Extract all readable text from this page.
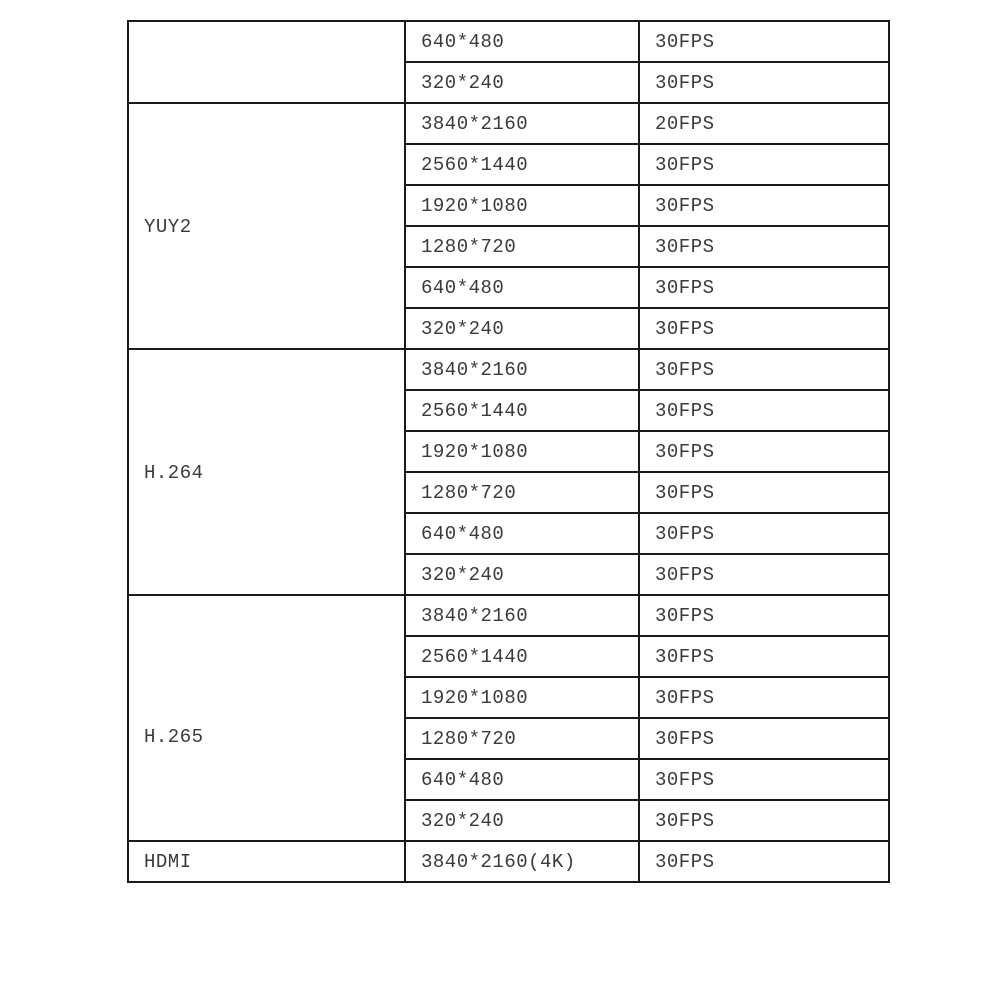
	640*480	30FPS
	320*240	30FPS

YUY2	3840*2160	20FPS
	2560*1440	30FPS
	1920*1080	30FPS
	1280*720	30FPS
	640*480	30FPS
	320*240	30FPS

H.264	3840*2160	30FPS
	2560*1440	30FPS
	1920*1080	30FPS
	1280*720	30FPS
	640*480	30FPS
	320*240	30FPS

H.265	3840*2160	30FPS
	2560*1440	30FPS
	1920*1080	30FPS
	1280*720	30FPS
	640*480	30FPS
	320*240	30FPS
HDMI	3840*2160(4K)	30FPS
